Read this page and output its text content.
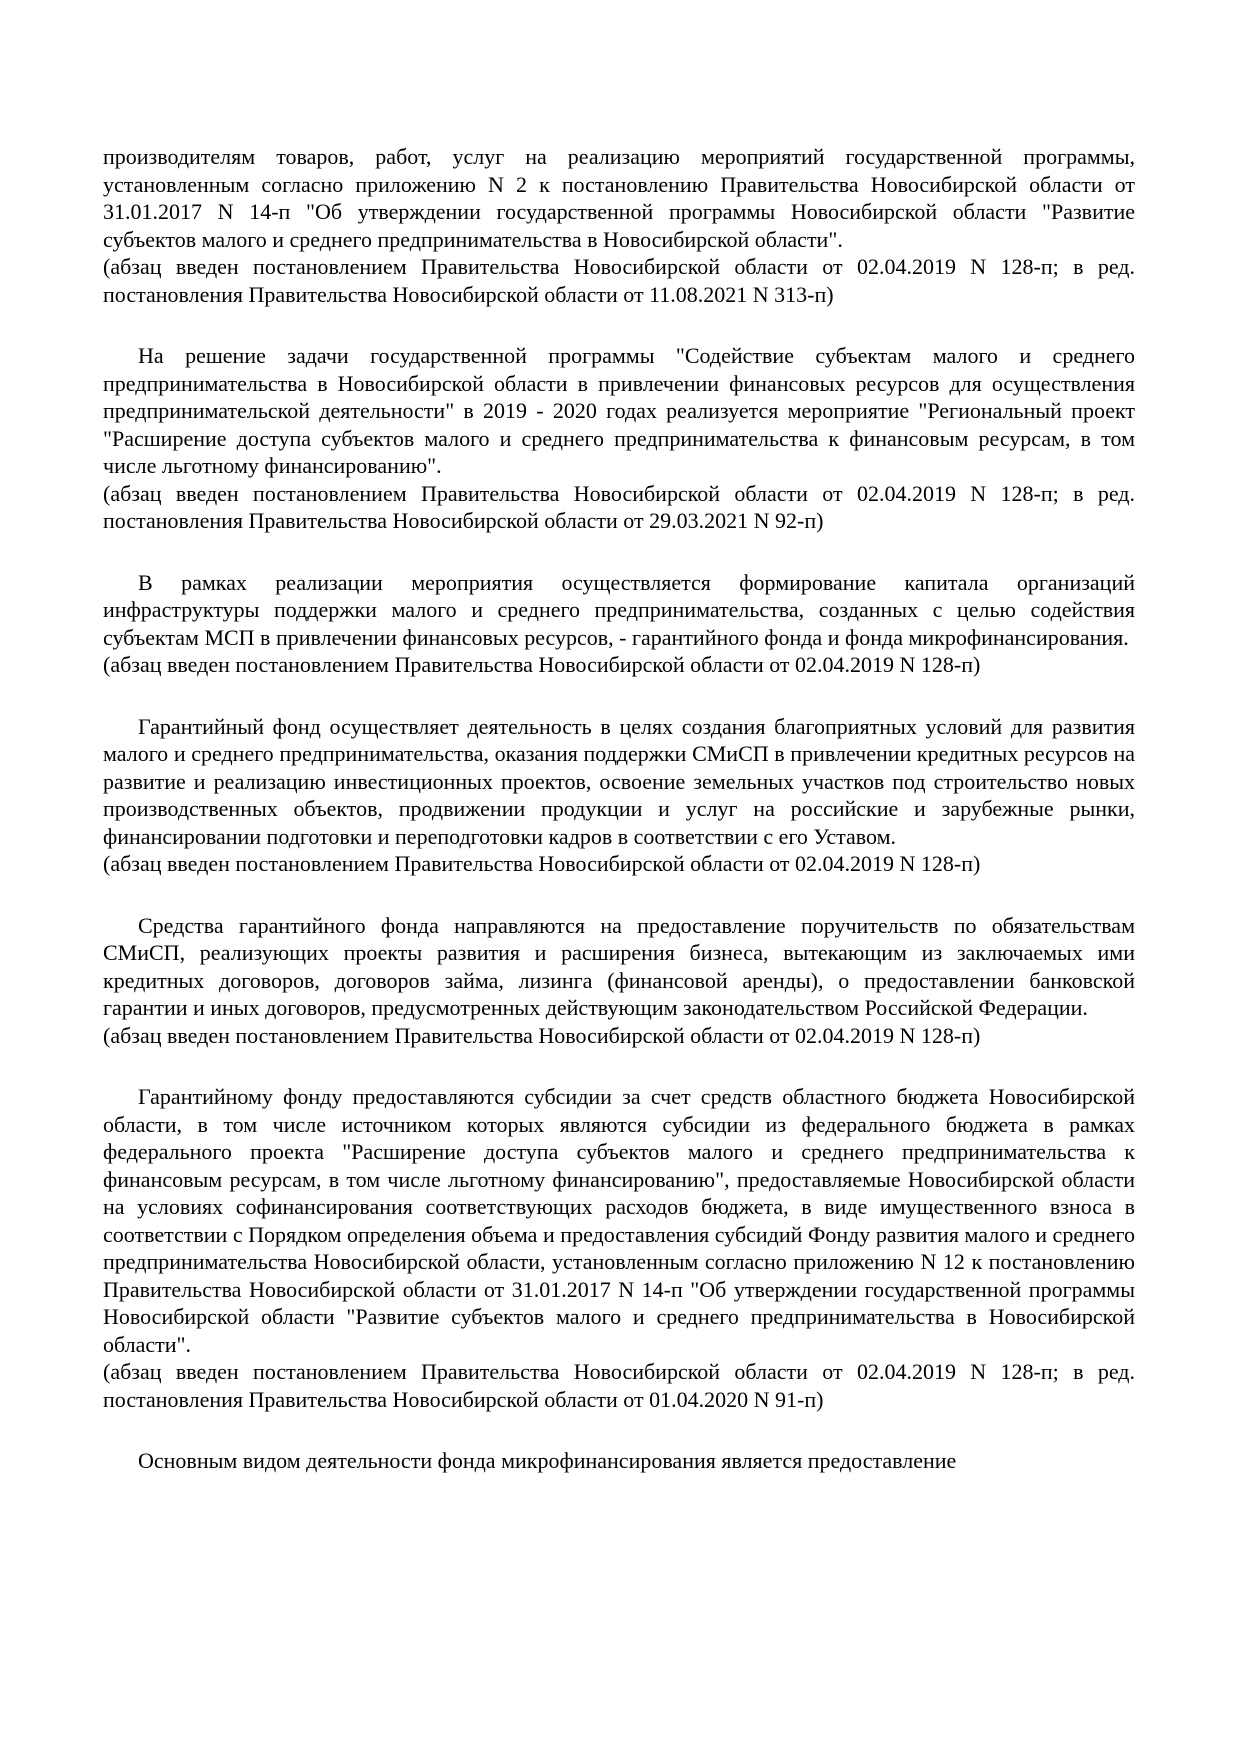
производителям товаров, работ, услуг на реализацию мероприятий государственной программы, установленным согласно приложению N 2 к постановлению Правительства Новосибирской области от 31.01.2017 N 14-п "Об утверждении государственной программы Новосибирской области "Развитие субъектов малого и среднего предпринимательства в Новосибирской области".

(абзац введен постановлением Правительства Новосибирской области от 02.04.2019 N 128-п; в ред. постановления Правительства Новосибирской области от 11.08.2021 N 313-п)

На решение задачи государственной программы "Содействие субъектам малого и среднего предпринимательства в Новосибирской области в привлечении финансовых ресурсов для осуществления предпринимательской деятельности" в 2019 - 2020 годах реализуется мероприятие "Региональный проект "Расширение доступа субъектов малого и среднего предпринимательства к финансовым ресурсам, в том числе льготному финансированию".

(абзац введен постановлением Правительства Новосибирской области от 02.04.2019 N 128-п; в ред. постановления Правительства Новосибирской области от 29.03.2021 N 92-п)

В рамках реализации мероприятия осуществляется формирование капитала организаций инфраструктуры поддержки малого и среднего предпринимательства, созданных с целью содействия субъектам МСП в привлечении финансовых ресурсов, - гарантийного фонда и фонда микрофинансирования.

(абзац введен постановлением Правительства Новосибирской области от 02.04.2019 N 128-п)

Гарантийный фонд осуществляет деятельность в целях создания благоприятных условий для развития малого и среднего предпринимательства, оказания поддержки СМиСП в привлечении кредитных ресурсов на развитие и реализацию инвестиционных проектов, освоение земельных участков под строительство новых производственных объектов, продвижении продукции и услуг на российские и зарубежные рынки, финансировании подготовки и переподготовки кадров в соответствии с его Уставом.

(абзац введен постановлением Правительства Новосибирской области от 02.04.2019 N 128-п)

Средства гарантийного фонда направляются на предоставление поручительств по обязательствам СМиСП, реализующих проекты развития и расширения бизнеса, вытекающим из заключаемых ими кредитных договоров, договоров займа, лизинга (финансовой аренды), о предоставлении банковской гарантии и иных договоров, предусмотренных действующим законодательством Российской Федерации.

(абзац введен постановлением Правительства Новосибирской области от 02.04.2019 N 128-п)

Гарантийному фонду предоставляются субсидии за счет средств областного бюджета Новосибирской области, в том числе источником которых являются субсидии из федерального бюджета в рамках федерального проекта "Расширение доступа субъектов малого и среднего предпринимательства к финансовым ресурсам, в том числе льготному финансированию", предоставляемые Новосибирской области на условиях софинансирования соответствующих расходов бюджета, в виде имущественного взноса в соответствии с Порядком определения объема и предоставления субсидий Фонду развития малого и среднего предпринимательства Новосибирской области, установленным согласно приложению N 12 к постановлению Правительства Новосибирской области от 31.01.2017 N 14-п "Об утверждении государственной программы Новосибирской области "Развитие субъектов малого и среднего предпринимательства в Новосибирской области".

(абзац введен постановлением Правительства Новосибирской области от 02.04.2019 N 128-п; в ред. постановления Правительства Новосибирской области от 01.04.2020 N 91-п)

Основным видом деятельности фонда микрофинансирования является предоставление
